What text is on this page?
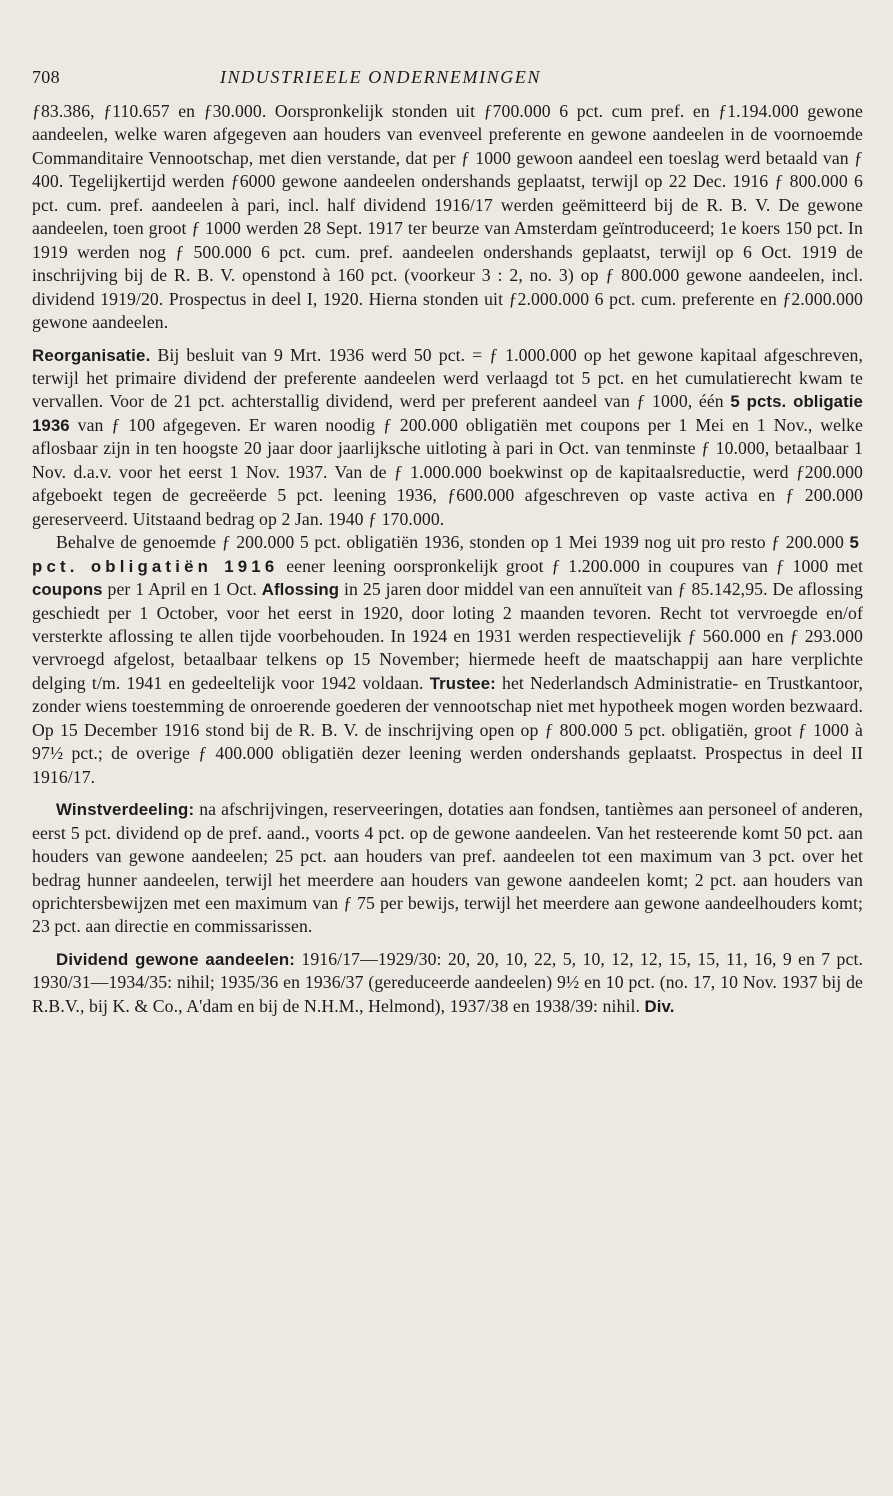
708	INDUSTRIEELE ONDERNEMINGEN

ƒ83.386, ƒ110.657 en ƒ30.000. Oorspronkelijk stonden uit ƒ700.000 6 pct. cum pref. en ƒ1.194.000 gewone aandeelen, welke waren afgegeven aan houders van evenveel preferente en gewone aandeelen in de voornoemde Commanditaire Vennootschap, met dien verstande, dat per ƒ 1000 gewoon aandeel een toeslag werd betaald van ƒ 400. Tegelijkertijd werden ƒ6000 gewone aandeelen ondershands geplaatst, terwijl op 22 Dec. 1916 ƒ 800.000 6 pct. cum. pref. aandeelen à pari, incl. half dividend 1916/17 werden geëmitteerd bij de R. B. V. De gewone aandeelen, toen groot ƒ 1000 werden 28 Sept. 1917 ter beurze van Amsterdam geïntroduceerd; 1e koers 150 pct. In 1919 werden nog ƒ 500.000 6 pct. cum. pref. aandeelen ondershands geplaatst, terwijl op 6 Oct. 1919 de inschrijving bij de R. B. V. openstond à 160 pct. (voorkeur 3 : 2, no. 3) op ƒ 800.000 gewone aandeelen, incl. dividend 1919/20. Prospectus in deel I, 1920. Hierna stonden uit ƒ2.000.000 6 pct. cum. preferente en ƒ2.000.000 gewone aandeelen.

Reorganisatie. Bij besluit van 9 Mrt. 1936 werd 50 pct. = ƒ 1.000.000 op het gewone kapitaal afgeschreven, terwijl het primaire dividend der preferente aandeelen werd verlaagd tot 5 pct. en het cumulatierecht kwam te vervallen. Voor de 21 pct. achterstallig dividend, werd per preferent aandeel van ƒ 1000, één 5 pcts. obligatie 1936 van ƒ 100 afgegeven. Er waren noodig ƒ 200.000 obligatiën met coupons per 1 Mei en 1 Nov., welke aflosbaar zijn in ten hoogste 20 jaar door jaarlijksche uitloting à pari in Oct. van tenminste ƒ 10.000, betaalbaar 1 Nov. d.a.v. voor het eerst 1 Nov. 1937. Van de ƒ 1.000.000 boekwinst op de kapitaalsreductie, werd ƒ200.000 afgeboekt tegen de gecreëerde 5 pct. leening 1936, ƒ600.000 afgeschreven op vaste activa en ƒ 200.000 gereserveerd. Uitstaand bedrag op 2 Jan. 1940 ƒ 170.000.

Behalve de genoemde ƒ 200.000 5 pct. obligatiën 1936, stonden op 1 Mei 1939 nog uit pro resto ƒ 200.000 5 pct. obligatiën 1916 eener leening oorspronkelijk groot ƒ 1.200.000 in coupures van ƒ 1000 met coupons per 1 April en 1 Oct. Aflossing in 25 jaren door middel van een annuïteit van ƒ 85.142,95. De aflossing geschiedt per 1 October, voor het eerst in 1920, door loting 2 maanden tevoren. Recht tot vervroegde en/of versterkte aflossing te allen tijde voorbehouden. In 1924 en 1931 werden respectievelijk ƒ 560.000 en ƒ 293.000 vervroegd afgelost, betaalbaar telkens op 15 November; hiermede heeft de maatschappij aan hare verplichte delging t/m. 1941 en gedeeltelijk voor 1942 voldaan. Trustee: het Nederlandsch Administratie- en Trustkantoor, zonder wiens toestemming de onroerende goederen der vennootschap niet met hypotheek mogen worden bezwaard. Op 15 December 1916 stond bij de R. B. V. de inschrijving open op ƒ 800.000 5 pct. obligatiën, groot ƒ 1000 à 97½ pct.; de overige ƒ 400.000 obligatiën dezer leening werden ondershands geplaatst. Prospectus in deel II 1916/17.

Winstverdeeling: na afschrijvingen, reserveeringen, dotaties aan fondsen, tantièmes aan personeel of anderen, eerst 5 pct. dividend op de pref. aand., voorts 4 pct. op de gewone aandeelen. Van het resteerende komt 50 pct. aan houders van gewone aandeelen; 25 pct. aan houders van pref. aandeelen tot een maximum van 3 pct. over het bedrag hunner aandeelen, terwijl het meerdere aan houders van gewone aandeelen komt; 2 pct. aan houders van oprichtersbewijzen met een maximum van ƒ 75 per bewijs, terwijl het meerdere aan gewone aandeelhouders komt; 23 pct. aan directie en commissarissen.

Dividend gewone aandeelen: 1916/17—1929/30: 20, 20, 10, 22, 5, 10, 12, 12, 15, 15, 11, 16, 9 en 7 pct. 1930/31—1934/35: nihil; 1935/36 en 1936/37 (gereduceerde aandeelen) 9½ en 10 pct. (no. 17, 10 Nov. 1937 bij de R.B.V., bij K. & Co., A'dam en bij de N.H.M., Helmond), 1937/38 en 1938/39: nihil. Div.
